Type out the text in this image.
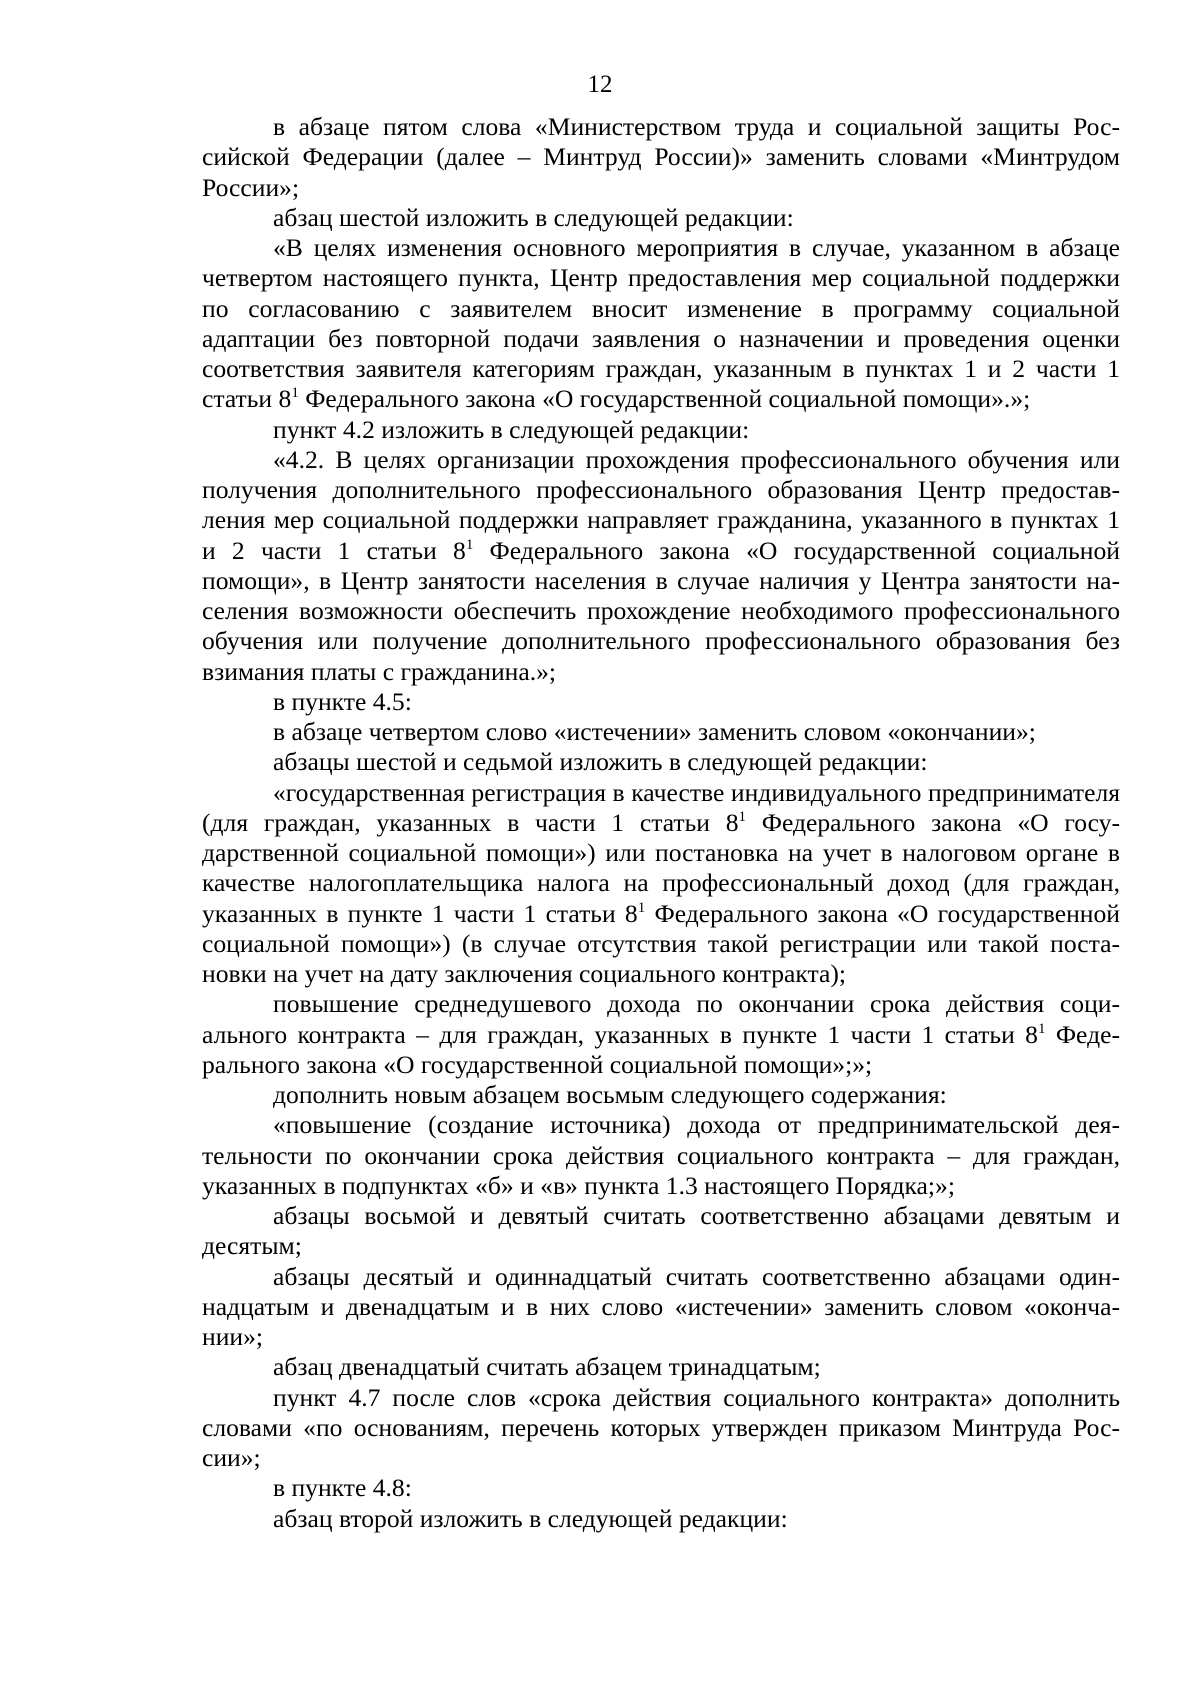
12

в абзаце пятом слова «Министерством труда и социальной защиты Российской Федерации (далее – Минтруд России)» заменить словами «Минтрудом России»;

абзац шестой изложить в следующей редакции:

«В целях изменения основного мероприятия в случае, указанном в абзаце четвертом настоящего пункта, Центр предоставления мер социальной поддержки по согласованию с заявителем вносит изменение в программу социальной адаптации без повторной подачи заявления о назначении и проведения оценки соответствия заявителя категориям граждан, указанным в пунктах 1 и 2 части 1 статьи $8^1$ Федерального закона «О государственной социальной помощи».»;

пункт 4.2 изложить в следующей редакции:

«4.2. В целях организации прохождения профессионального обучения или получения дополнительного профессионального образования Центр предоставления мер социальной поддержки направляет гражданина, указанного в пунктах 1 и 2 части 1 статьи $8^1$ Федерального закона «О государственной социальной помощи», в Центр занятости населения в случае наличия у Центра занятости населения возможности обеспечить прохождение необходимого профессионального обучения или получение дополнительного профессионального образования без взимания платы с гражданина.»;

в пункте 4.5:

в абзаце четвертом слово «истечении» заменить словом «окончании»;

абзацы шестой и седьмой изложить в следующей редакции:

«государственная регистрация в качестве индивидуального предпринимателя (для граждан, указанных в части 1 статьи $8^1$ Федерального закона «О государственной социальной помощи») или постановка на учет в налоговом органе в качестве налогоплательщика налога на профессиональный доход (для граждан, указанных в пункте 1 части 1 статьи $8^1$ Федерального закона «О государственной социальной помощи») (в случае отсутствия такой регистрации или такой постановки на учет на дату заключения социального контракта);

повышение среднедушевого дохода по окончании срока действия социального контракта – для граждан, указанных в пункте 1 части 1 статьи $8^1$ Федерального закона «О государственной социальной помощи»;»;

дополнить новым абзацем восьмым следующего содержания:

«повышение (создание источника) дохода от предпринимательской деятельности по окончании срока действия социального контракта – для граждан, указанных в подпунктах «б» и «в» пункта 1.3 настоящего Порядка;»;

абзацы восьмой и девятый считать соответственно абзацами девятым и десятым;

абзацы десятый и одиннадцатый считать соответственно абзацами одиннадцатым и двенадцатым и в них слово «истечении» заменить словом «окончании»;

абзац двенадцатый считать абзацем тринадцатым;

пункт 4.7 после слов «срока действия социального контракта» дополнить словами «по основаниям, перечень которых утвержден приказом Минтруда России»;

в пункте 4.8:

абзац второй изложить в следующей редакции:
